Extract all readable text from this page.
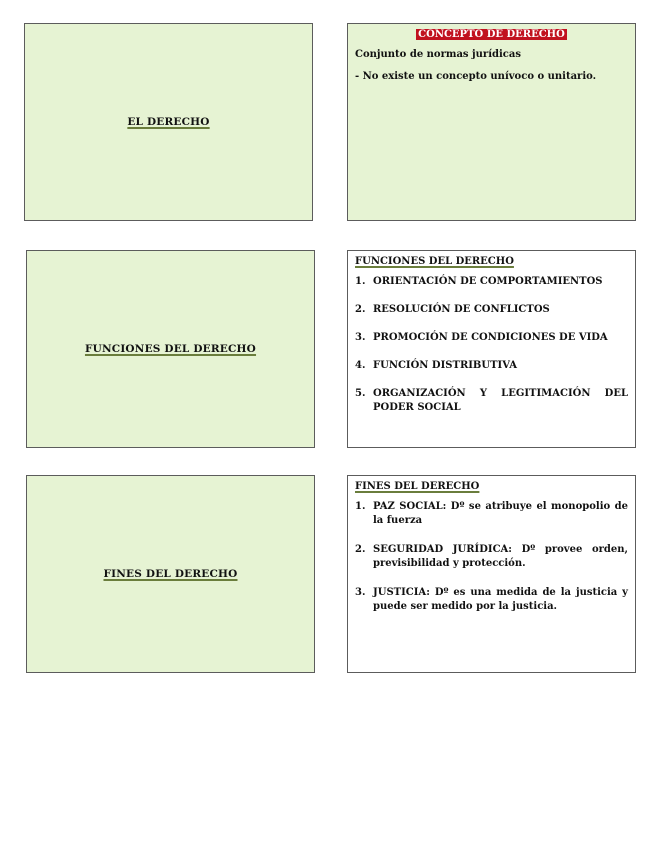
EL DERECHO
CONCEPTO DE DERECHO
Conjunto de normas jurídicas
- No existe un concepto unívoco o unitario.
FUNCIONES DEL DERECHO
FUNCIONES DEL DERECHO
1. ORIENTACIÓN DE COMPORTAMIENTOS
2. RESOLUCIÓN DE CONFLICTOS
3. PROMOCIÓN DE CONDICIONES DE VIDA
4. FUNCIÓN DISTRIBUTIVA
5. ORGANIZACIÓN Y LEGITIMACIÓN DEL PODER SOCIAL
FINES DEL DERECHO
FINES DEL DERECHO
1. PAZ SOCIAL: Dº se atribuye el monopolio de la fuerza
2. SEGURIDAD JURÍDICA: Dº provee orden, previsibilidad y protección.
3. JUSTICIA: Dº es una medida de la justicia y puede ser medido por la justicia.
